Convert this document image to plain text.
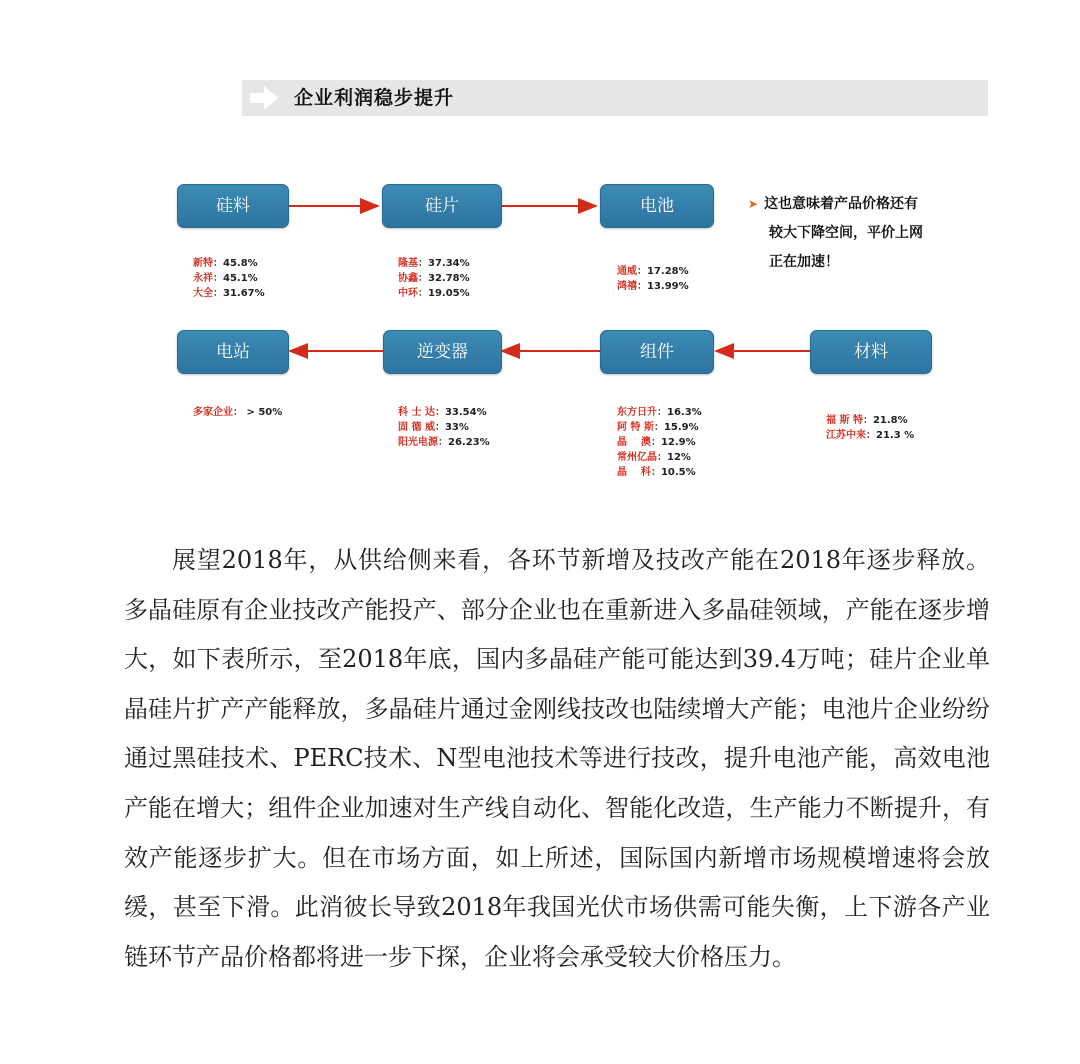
企业利润稳步提升
硅料	硅片	电池
电站	逆变器	组件	材料
新特：45.8%
永祥：45.1%
大全：31.67%
隆基：37.34%
协鑫：32.78%
中环：19.05%
通威：17.28%
鸿禧：13.99%
多家企业： > 50%	科 士 达：33.54%
固 德 威：33%
阳光电源：26.23%
东方日升：16.3%
阿 特 斯：15.9%
晶    澳：12.9%
常州亿晶：12%
晶    科：10.5%
福 斯 特：21.8%
江苏中来：21.3 %
➤ 这也意味着产品价格还有
较大下降空间，平价上网
正在加速！

展望2018年，从供给侧来看，各环节新增及技改产能在2018年逐步释放。多晶硅原有企业技改产能投产、部分企业也在重新进入多晶硅领域，产能在逐步增大，如下表所示，至2018年底，国内多晶硅产能可能达到39.4万吨；硅片企业单晶硅片扩产产能释放，多晶硅片通过金刚线技改也陆续增大产能；电池片企业纷纷通过黑硅技术、PERC技术、N型电池技术等进行技改，提升电池产能，高效电池产能在增大；组件企业加速对生产线自动化、智能化改造，生产能力不断提升，有效产能逐步扩大。但在市场方面，如上所述，国际国内新增市场规模增速将会放缓，甚至下滑。此消彼长导致2018年我国光伏市场供需可能失衡，上下游各产业链环节产品价格都将进一步下探，企业将会承受较大价格压力。
